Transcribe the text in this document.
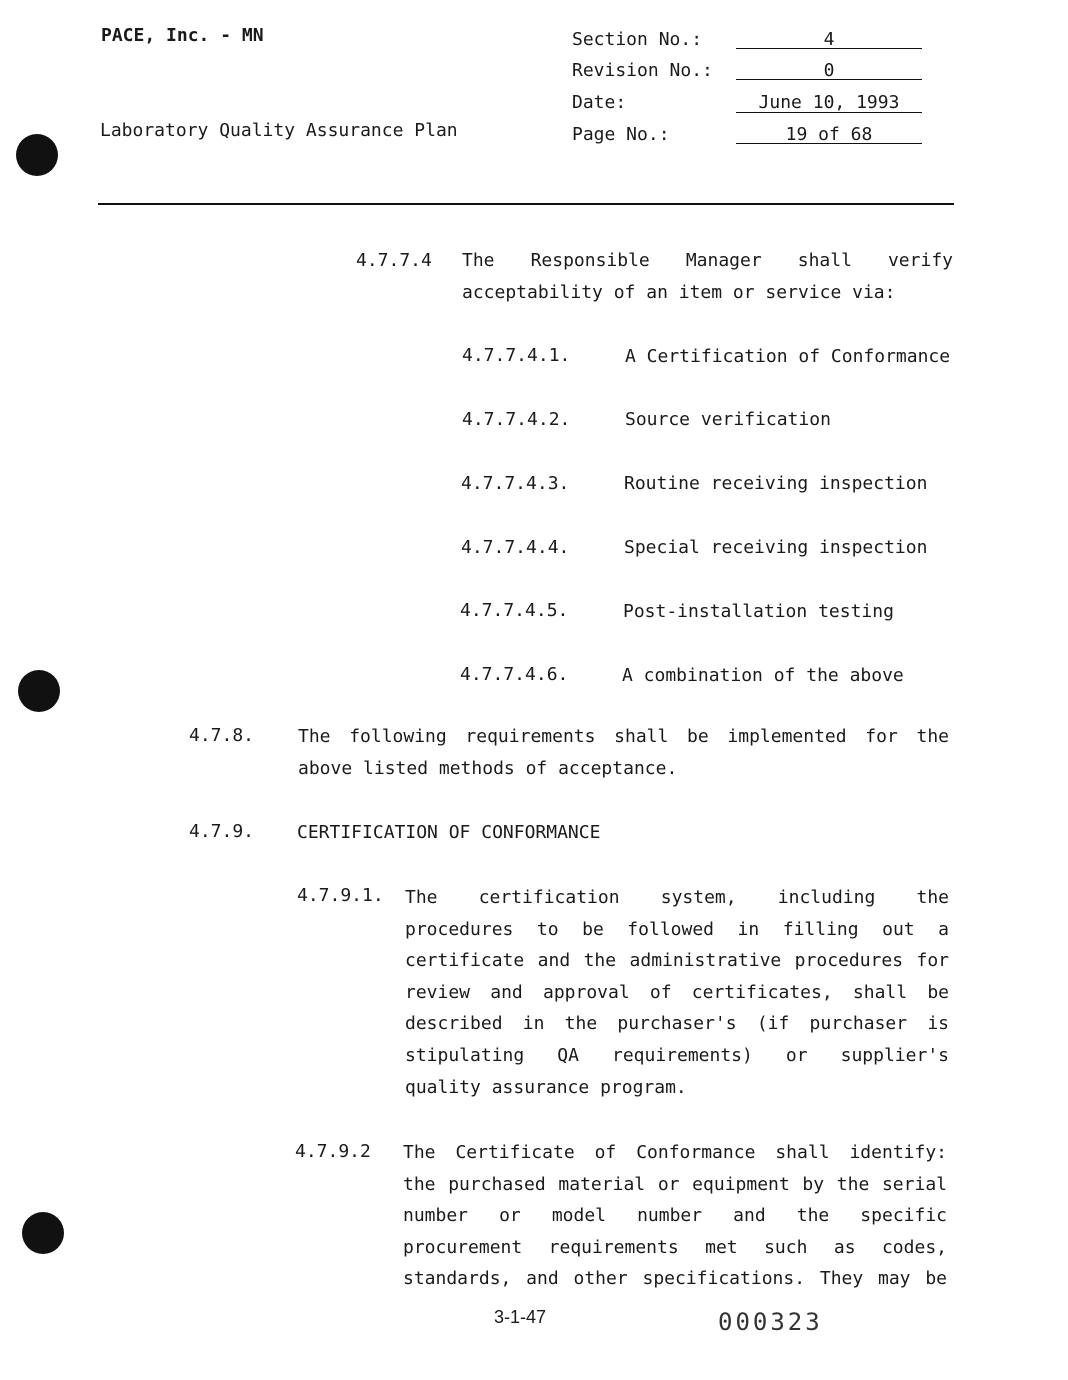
PACE, Inc. - MN
Laboratory Quality Assurance Plan
Section No.:	4
Revision No.:	0
Date:	June 10, 1993
Page No.:	19 of 68
4.7.7.4 The Responsible Manager shall verify
acceptability of an item or service via:
4.7.7.4.1.	A Certification of Conformance
4.7.7.4.2.	Source verification
4.7.7.4.3.	Routine receiving inspection
4.7.7.4.4.	Special receiving inspection
4.7.7.4.5.	Post-installation testing
4.7.7.4.6.	A combination of the above
4.7.8. The following requirements shall be implemented for the
above listed methods of acceptance.
4.7.9. CERTIFICATION OF CONFORMANCE
4.7.9.1. The certification system, including the
procedures to be followed in filling out a
certificate and the administrative procedures for
review and approval of certificates, shall be
described in the purchaser's (if purchaser is
stipulating QA requirements) or supplier's
quality assurance program.
4.7.9.2 The Certificate of Conformance shall identify:
the purchased material or equipment by the serial
number or model number and the specific
procurement requirements met such as codes,
standards, and other specifications. They may be
3-1-47	000323
